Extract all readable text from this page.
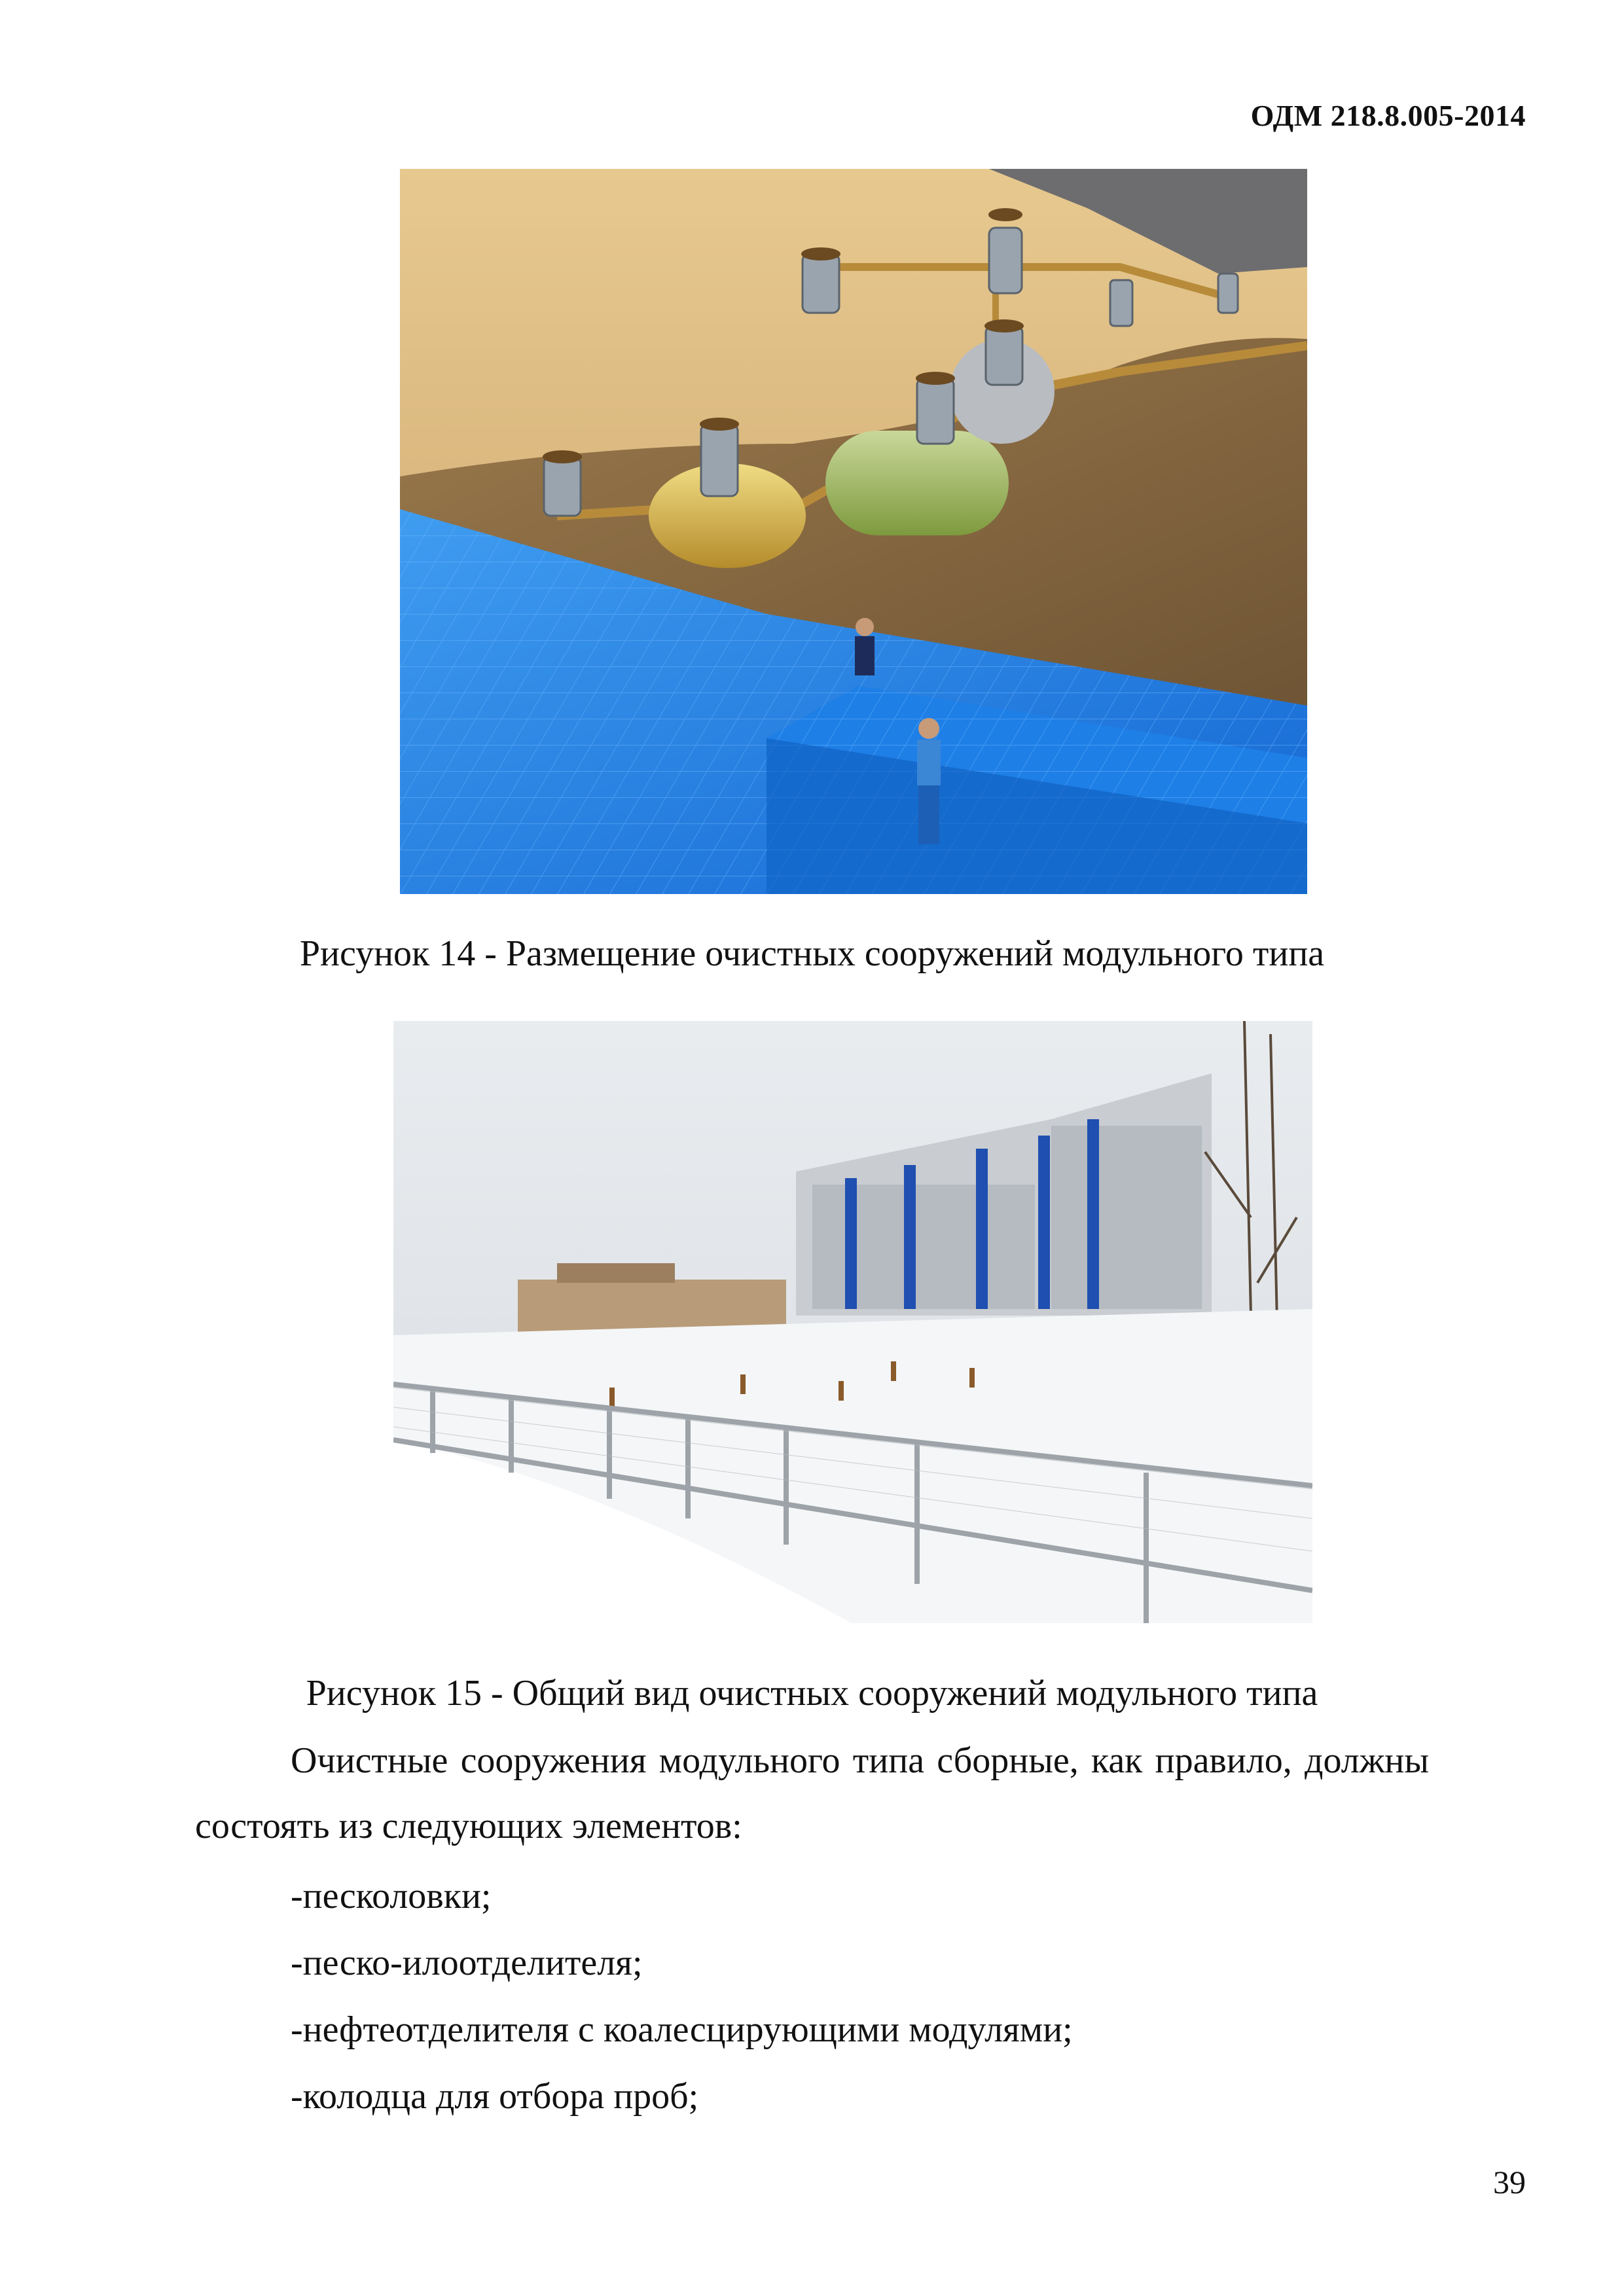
ОДМ 218.8.005-2014
Рисунок 14 - Размещение очистных сооружений модульного типа
Рисунок 15 - Общий вид очистных сооружений модульного типа
Очистные сооружения модульного типа сборные, как правило, должны состоять из следующих элементов:
-песколовки;
-песко-илоотделителя;
-нефтеотделителя с коалесцирующими модулями;
-колодца для отбора проб;
39
